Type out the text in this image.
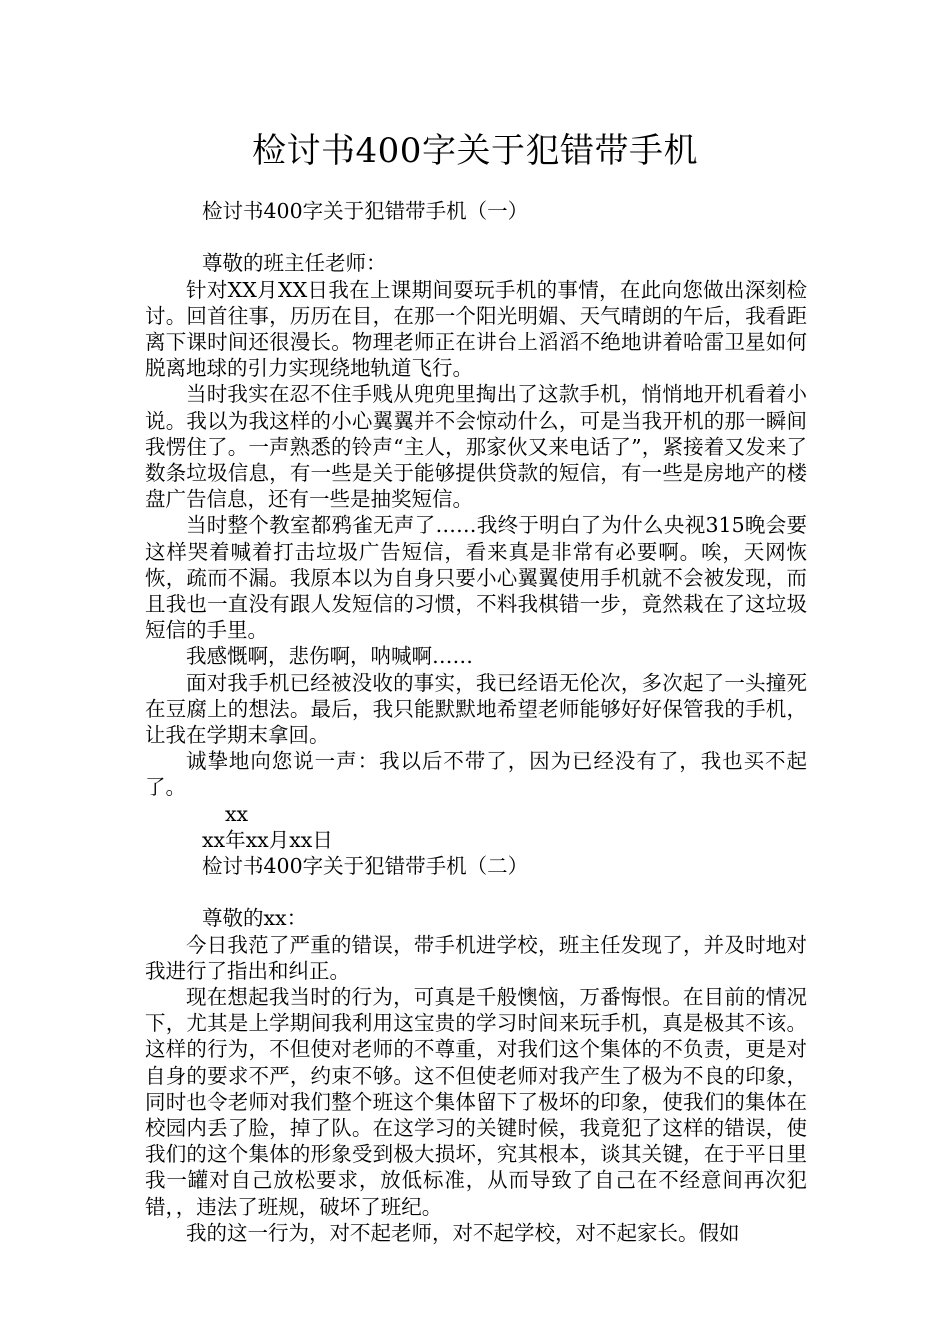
检讨书400字关于犯错带手机

检讨书400字关于犯错带手机（一）

尊敬的班主任老师：

针对XX月XX日我在上课期间耍玩手机的事情，在此向您做出深刻检讨。回首往事，历历在目，在那一个阳光明媚、天气晴朗的午后，我看距离下课时间还很漫长。物理老师正在讲台上滔滔不绝地讲着哈雷卫星如何脱离地球的引力实现绕地轨道飞行。

当时我实在忍不住手贱从兜兜里掏出了这款手机，悄悄地开机看着小说。我以为我这样的小心翼翼并不会惊动什么，可是当我开机的那一瞬间我愣住了。一声熟悉的铃声“主人，那家伙又来电话了”，紧接着又发来了数条垃圾信息，有一些是关于能够提供贷款的短信，有一些是房地产的楼盘广告信息，还有一些是抽奖短信。

当时整个教室都鸦雀无声了……我终于明白了为什么央视315晚会要这样哭着喊着打击垃圾广告短信，看来真是非常有必要啊。唉，天网恢恢，疏而不漏。我原本以为自身只要小心翼翼使用手机就不会被发现，而且我也一直没有跟人发短信的习惯，不料我棋错一步，竟然栽在了这垃圾短信的手里。

我感慨啊，悲伤啊，呐喊啊……

面对我手机已经被没收的事实，我已经语无伦次，多次起了一头撞死在豆腐上的想法。最后，我只能默默地希望老师能够好好保管我的手机，让我在学期末拿回。

诚挚地向您说一声：我以后不带了，因为已经没有了，我也买不起了。

xx

xx年xx月xx日

检讨书400字关于犯错带手机（二）

尊敬的xx：

今日我范了严重的错误，带手机进学校，班主任发现了，并及时地对我进行了指出和纠正。

现在想起我当时的行为，可真是千般懊恼，万番悔恨。在目前的情况下，尤其是上学期间我利用这宝贵的学习时间来玩手机，真是极其不该。这样的行为，不但使对老师的不尊重，对我们这个集体的不负责，更是对自身的要求不严，约束不够。这不但使老师对我产生了极为不良的印象，同时也令老师对我们整个班这个集体留下了极坏的印象，使我们的集体在校园内丢了脸，掉了队。在这学习的关键时候，我竟犯了这样的错误，使我们的这个集体的形象受到极大损坏，究其根本，谈其关键，在于平日里我一罐对自己放松要求，放低标准，从而导致了自己在不经意间再次犯错，，违法了班规，破坏了班纪。

我的这一行为，对不起老师，对不起学校，对不起家长。假如
